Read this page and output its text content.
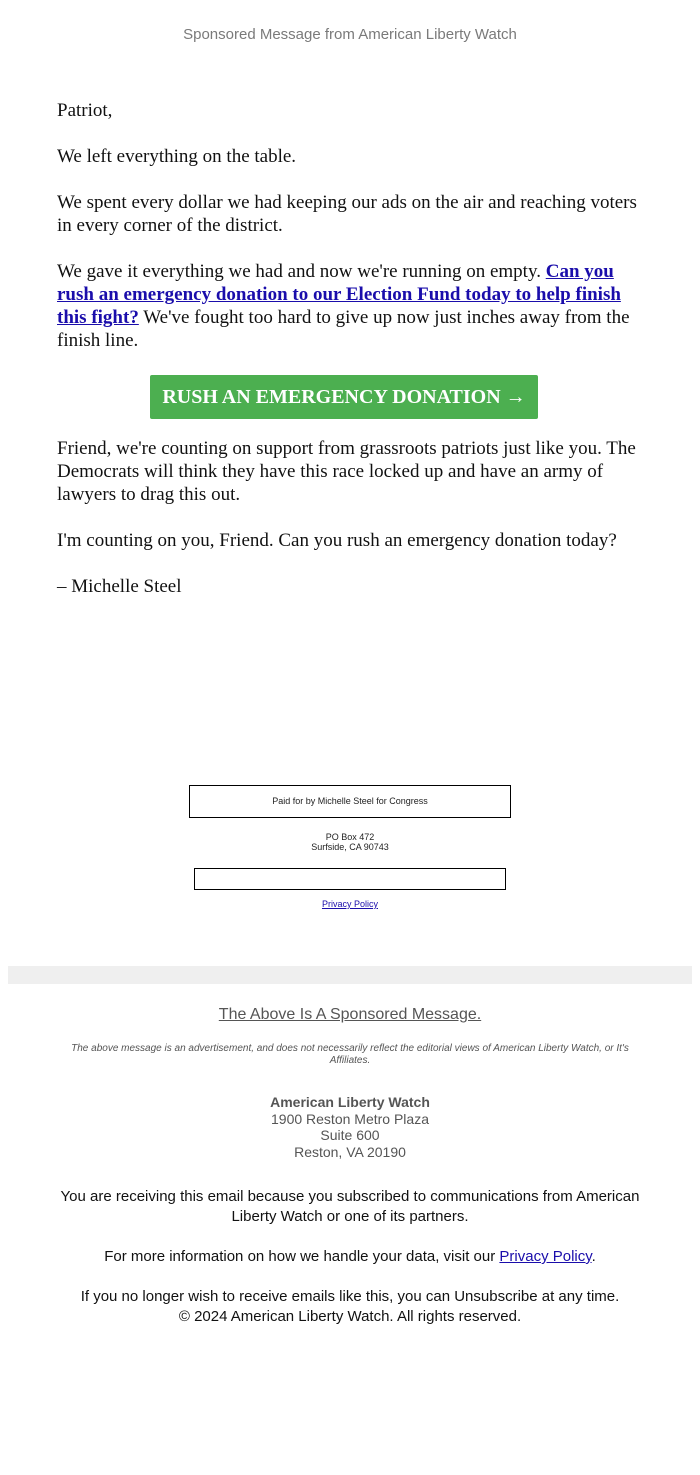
Sponsored Message from American Liberty Watch

Patriot,

We left everything on the table.

We spent every dollar we had keeping our ads on the air and reaching voters in every corner of the district.

We gave it everything we had and now we're running on empty. Can you rush an emergency donation to our Election Fund today to help finish this fight? We've fought too hard to give up now just inches away from the finish line.

RUSH AN EMERGENCY DONATION →

Friend, we're counting on support from grassroots patriots just like you. The Democrats will think they have this race locked up and have an army of lawyers to drag this out.

I'm counting on you, Friend. Can you rush an emergency donation today?

– Michelle Steel

Paid for by Michelle Steel for Congress
PO Box 472
Surfside, CA 90743
Privacy Policy

The Above Is A Sponsored Message.

The above message is an advertisement, and does not necessarily reflect the editorial views of American Liberty Watch, or It's Affiliates.
American Liberty Watch
1900 Reston Metro Plaza
Suite 600
Reston, VA 20190

You are receiving this email because you subscribed to communications from American Liberty Watch or one of its partners.

For more information on how we handle your data, visit our Privacy Policy.

If you no longer wish to receive emails like this, you can Unsubscribe at any time.

© 2024 American Liberty Watch. All rights reserved.
